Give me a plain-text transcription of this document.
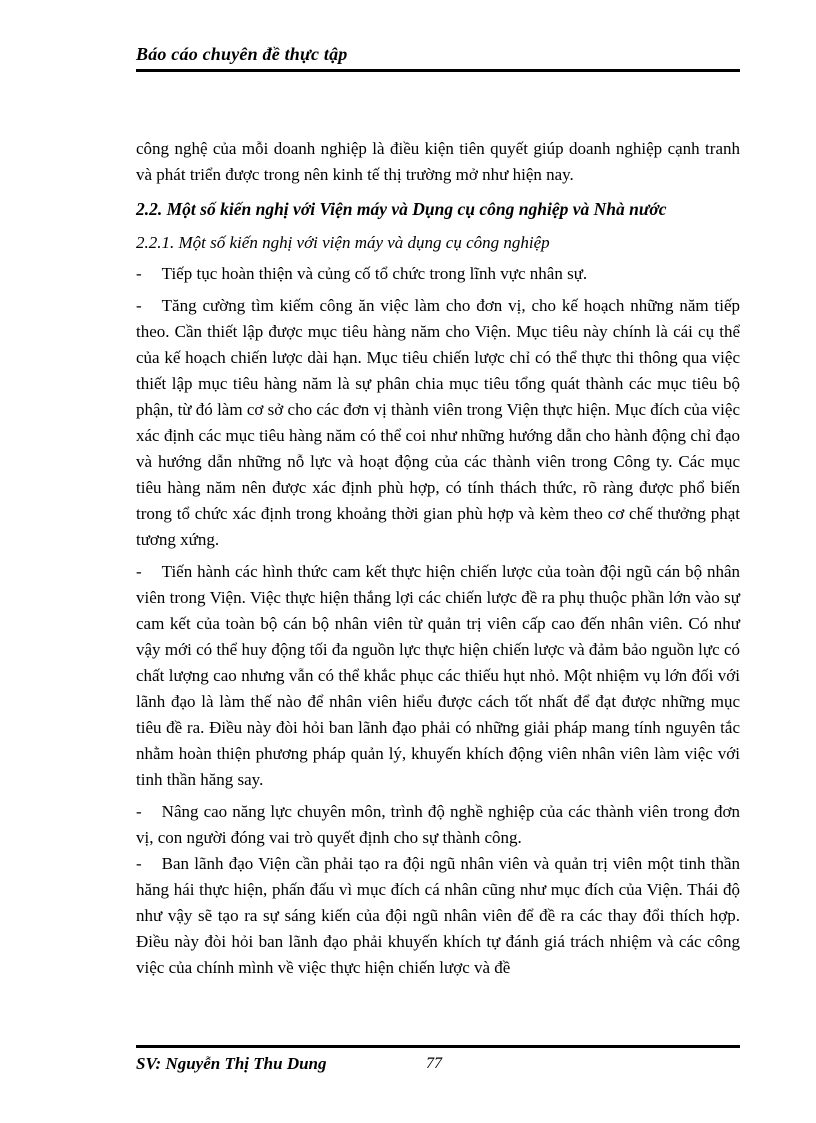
Báo cáo chuyên đề thực tập

công nghệ của mỗi doanh nghiệp là điều kiện tiên quyết giúp doanh nghiệp cạnh tranh và phát triển được trong nên kinh tế thị trường mở như hiện nay.

2.2. Một số kiến nghị với Viện máy và Dụng cụ công nghiệp và Nhà nước

2.2.1. Một số kiến nghị với viện máy và dụng cụ công nghiệp

- Tiếp tục hoàn thiện và củng cố tổ chức trong lĩnh vực nhân sự.

- Tăng cường tìm kiếm công ăn việc làm cho đơn vị, cho kế hoạch những năm tiếp theo. Cần thiết lập được mục tiêu hàng năm cho Viện. Mục tiêu này chính là cái cụ thể của kế hoạch chiến lược dài hạn. Mục tiêu chiến lược chỉ có thể thực thi thông qua việc thiết lập mục tiêu hàng năm là sự phân chia mục tiêu tổng quát thành các mục tiêu bộ phận, từ đó làm cơ sở cho các đơn vị thành viên trong Viện thực hiện. Mục đích của việc xác định các mục tiêu hàng năm có thể coi như những hướng dẫn cho hành động chỉ đạo và hướng dẫn những nỗ lực và hoạt động của các thành viên trong Công ty. Các mục tiêu hàng năm nên được xác định phù hợp, có tính thách thức, rõ ràng được phổ biến trong tổ chức xác định trong khoảng thời gian phù hợp và kèm theo cơ chế thưởng phạt tương xứng.

- Tiến hành các hình thức cam kết thực hiện chiến lược của toàn đội ngũ cán bộ nhân viên trong Viện. Việc thực hiện thắng lợi các chiến lược đề ra phụ thuộc phần lớn vào sự cam kết của toàn bộ cán bộ nhân viên từ quản trị viên cấp cao đến nhân viên. Có như vậy mới có thể huy động tối đa nguồn lực thực hiện chiến lược và đảm bảo nguồn lực có chất lượng cao nhưng vẫn có thể khắc phục các thiếu hụt nhỏ. Một nhiệm vụ lớn đối với lãnh đạo là làm thế nào để nhân viên hiểu được cách tốt nhất để đạt được những mục tiêu đề ra. Điều này đòi hỏi ban lãnh đạo phải có những giải pháp mang tính nguyên tắc nhằm hoàn thiện phương pháp quản lý, khuyến khích động viên nhân viên làm việc với tinh thần hăng say.

- Nâng cao năng lực chuyên môn, trình độ nghề nghiệp của các thành viên trong đơn vị, con người đóng vai trò quyết định cho sự thành công.

- Ban lãnh đạo Viện cần phải tạo ra đội ngũ nhân viên và quản trị viên một tinh thần hăng hái thực hiện, phấn đấu vì mục đích cá nhân cũng như mục đích của Viện. Thái độ như vậy sẽ tạo ra sự sáng kiến của đội ngũ nhân viên để đề ra các thay đổi thích hợp. Điều này đòi hỏi ban lãnh đạo phải khuyến khích tự đánh giá trách nhiệm và các công việc của chính mình về việc thực hiện chiến lược và đề

SV: Nguyễn Thị Thu Dung	77
